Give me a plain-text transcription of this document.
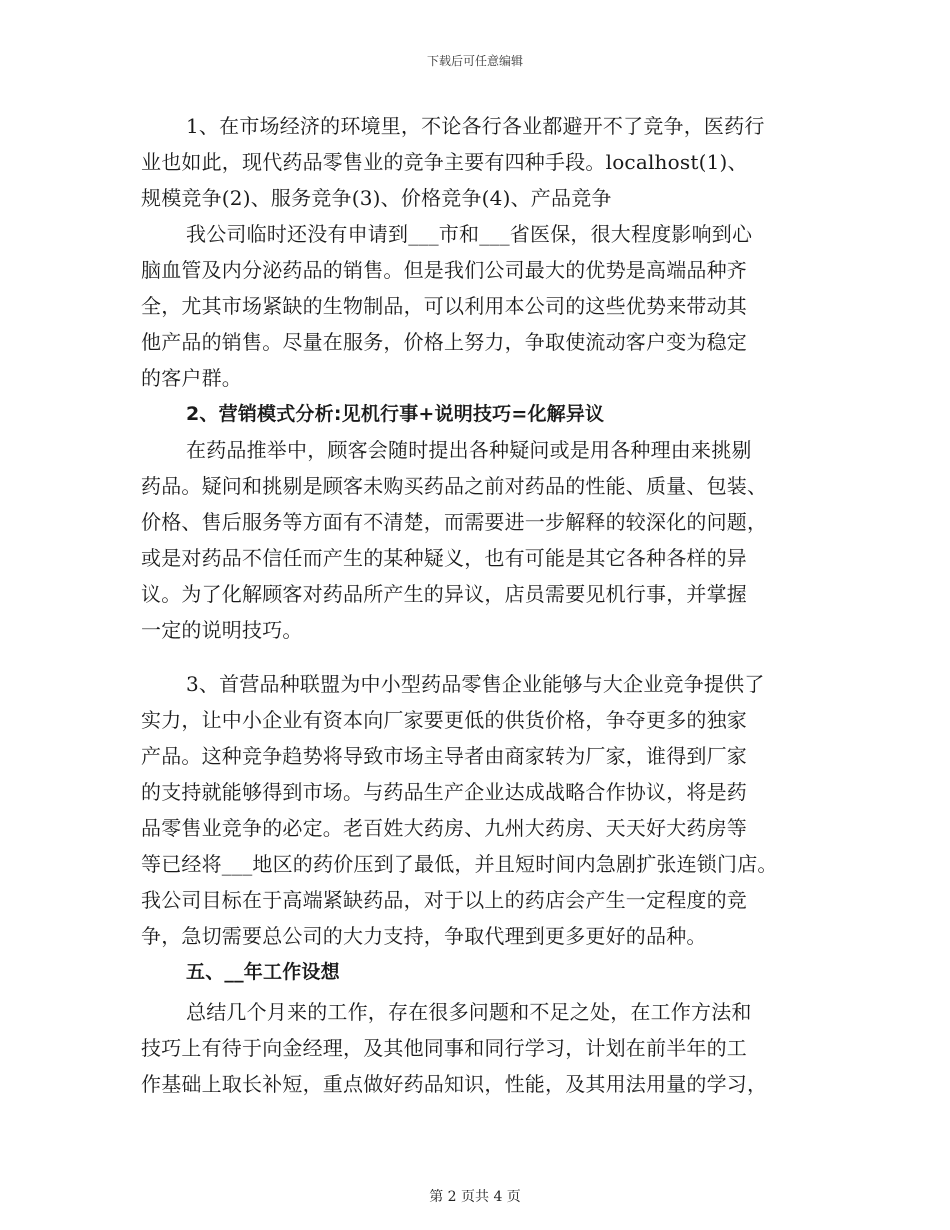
下载后可任意编辑
1、在市场经济的环境里，不论各行各业都避开不了竞争，医药行
业也如此，现代药品零售业的竞争主要有四种手段。localhost(1)、
规模竞争(2)、服务竞争(3)、价格竞争(4)、产品竞争
我公司临时还没有申请到___市和___省医保，很大程度影响到心
脑血管及内分泌药品的销售。但是我们公司最大的优势是高端品种齐
全，尤其市场紧缺的生物制品，可以利用本公司的这些优势来带动其
他产品的销售。尽量在服务，价格上努力，争取使流动客户变为稳定
的客户群。
2、营销模式分析:见机行事+说明技巧=化解异议
在药品推举中，顾客会随时提出各种疑问或是用各种理由来挑剔
药品。疑问和挑剔是顾客未购买药品之前对药品的性能、质量、包装、
价格、售后服务等方面有不清楚，而需要进一步解释的较深化的问题，
或是对药品不信任而产生的某种疑义，也有可能是其它各种各样的异
议。为了化解顾客对药品所产生的异议，店员需要见机行事，并掌握
一定的说明技巧。
3、首营品种联盟为中小型药品零售企业能够与大企业竞争提供了
实力，让中小企业有资本向厂家要更低的供货价格，争夺更多的独家
产品。这种竞争趋势将导致市场主导者由商家转为厂家，谁得到厂家
的支持就能够得到市场。与药品生产企业达成战略合作协议，将是药
品零售业竞争的必定。老百姓大药房、九州大药房、天天好大药房等
等已经将___地区的药价压到了最低，并且短时间内急剧扩张连锁门店。
我公司目标在于高端紧缺药品，对于以上的药店会产生一定程度的竞
争，急切需要总公司的大力支持，争取代理到更多更好的品种。
五、__年工作设想
总结几个月来的工作，存在很多问题和不足之处，在工作方法和
技巧上有待于向金经理，及其他同事和同行学习，计划在前半年的工
作基础上取长补短，重点做好药品知识，性能，及其用法用量的学习，
第 2 页共 4 页
